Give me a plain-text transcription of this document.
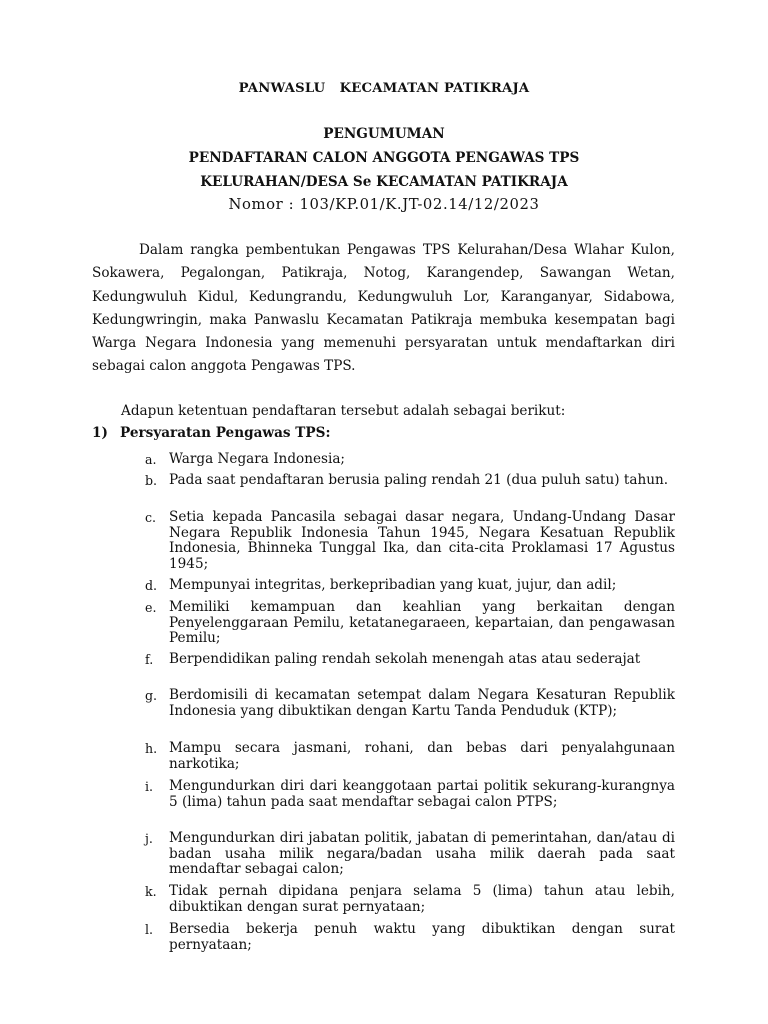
PANWASLU   KECAMATAN PATIKRAJA
PENGUMUMAN
PENDAFTARAN CALON ANGGOTA PENGAWAS TPS
KELURAHAN/DESA Se KECAMATAN PATIKRAJA
Nomor : 103/KP.01/K.JT-02.14/12/2023

Dalam rangka pembentukan Pengawas TPS Kelurahan/Desa Wlahar Kulon, Sokawera, Pegalongan, Patikraja, Notog, Karangendep, Sawangan Wetan, Kedungwuluh Kidul, Kedungrandu, Kedungwuluh Lor, Karanganyar, Sidabowa, Kedungwringin, maka Panwaslu Kecamatan Patikraja membuka kesempatan bagi Warga Negara Indonesia yang memenuhi persyaratan untuk mendaftarkan diri sebagai calon anggota Pengawas TPS.

Adapun ketentuan pendaftaran tersebut adalah sebagai berikut:

1) Persyaratan Pengawas TPS:
a. Warga Negara Indonesia;

b. Pada saat pendaftaran berusia paling rendah 21 (dua puluh satu) tahun.

c. Setia kepada Pancasila sebagai dasar negara, Undang-Undang Dasar Negara Republik Indonesia Tahun 1945, Negara Kesatuan Republik Indonesia, Bhinneka Tunggal Ika, dan cita-cita Proklamasi 17 Agustus 1945;

d. Mempunyai integritas, berkepribadian yang kuat, jujur, dan adil;

e. Memiliki kemampuan dan keahlian yang berkaitan dengan Penyelenggaraan Pemilu, ketatanegaraeen, kepartaian, dan pengawasan Pemilu;

f. Berpendidikan paling rendah sekolah menengah atas atau sederajat

g. Berdomisili di kecamatan setempat dalam Negara Kesaturan Republik Indonesia yang dibuktikan dengan Kartu Tanda Penduduk (KTP);

h. Mampu secara jasmani, rohani, dan bebas dari penyalahgunaan narkotika;

i. Mengundurkan diri dari keanggotaan partai politik sekurang-kurangnya 5 (lima) tahun pada saat mendaftar sebagai calon PTPS;

j. Mengundurkan diri jabatan politik, jabatan di pemerintahan, dan/atau di badan usaha milik negara/badan usaha milik daerah pada saat mendaftar sebagai calon;

k. Tidak pernah dipidana penjara selama 5 (lima) tahun atau lebih, dibuktikan dengan surat pernyataan;

l. Bersedia bekerja penuh waktu yang dibuktikan dengan surat pernyataan;
